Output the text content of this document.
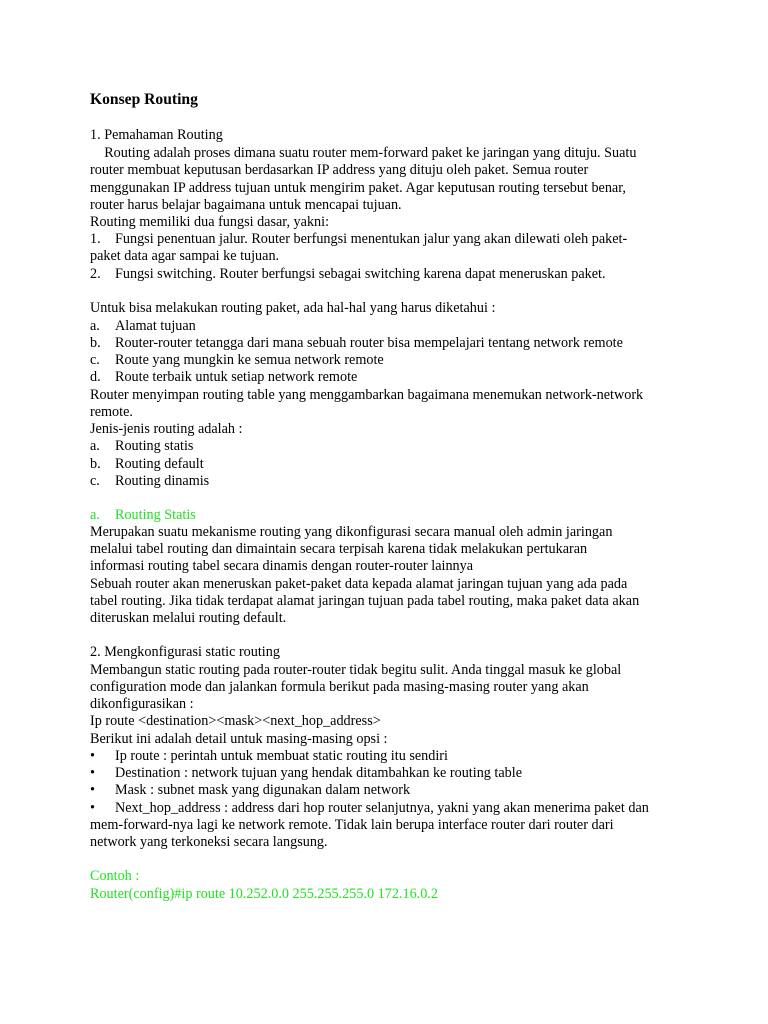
Konsep Routing
1. Pemahaman Routing
Routing adalah proses dimana suatu router mem-forward paket ke jaringan yang dituju. Suatu
router membuat keputusan berdasarkan IP address yang dituju oleh paket. Semua router
menggunakan IP address tujuan untuk mengirim paket. Agar keputusan routing tersebut benar,
router harus belajar bagaimana untuk mencapai tujuan.
Routing memiliki dua fungsi dasar, yakni:
1. Fungsi penentuan jalur. Router berfungsi menentukan jalur yang akan dilewati oleh paket-
paket data agar sampai ke tujuan.
2. Fungsi switching. Router berfungsi sebagai switching karena dapat meneruskan paket.
Untuk bisa melakukan routing paket, ada hal-hal yang harus diketahui :
a. Alamat tujuan
b. Router-router tetangga dari mana sebuah router bisa mempelajari tentang network remote
c. Route yang mungkin ke semua network remote
d. Route terbaik untuk setiap network remote
Router menyimpan routing table yang menggambarkan bagaimana menemukan network-network
remote.
Jenis-jenis routing adalah :
a. Routing statis
b. Routing default
c. Routing dinamis
a. Routing Statis
Merupakan suatu mekanisme routing yang dikonfigurasi secara manual oleh admin jaringan
melalui tabel routing dan dimaintain secara terpisah karena tidak melakukan pertukaran
informasi routing tabel secara dinamis dengan router-router lainnya
Sebuah router akan meneruskan paket-paket data kepada alamat jaringan tujuan yang ada pada
tabel routing. Jika tidak terdapat alamat jaringan tujuan pada tabel routing, maka paket data akan
diteruskan melalui routing default.
2. Mengkonfigurasi static routing
Membangun static routing pada router-router tidak begitu sulit. Anda tinggal masuk ke global
configuration mode dan jalankan formula berikut pada masing-masing router yang akan
dikonfigurasikan :
Ip route <destination><mask><next_hop_address>
Berikut ini adalah detail untuk masing-masing opsi :
• Ip route : perintah untuk membuat static routing itu sendiri
• Destination : network tujuan yang hendak ditambahkan ke routing table
• Mask : subnet mask yang digunakan dalam network
• Next_hop_address : address dari hop router selanjutnya, yakni yang akan menerima paket dan
mem-forward-nya lagi ke network remote. Tidak lain berupa interface router dari router dari
network yang terkoneksi secara langsung.
Contoh :
Router(config)#ip route 10.252.0.0 255.255.255.0 172.16.0.2
